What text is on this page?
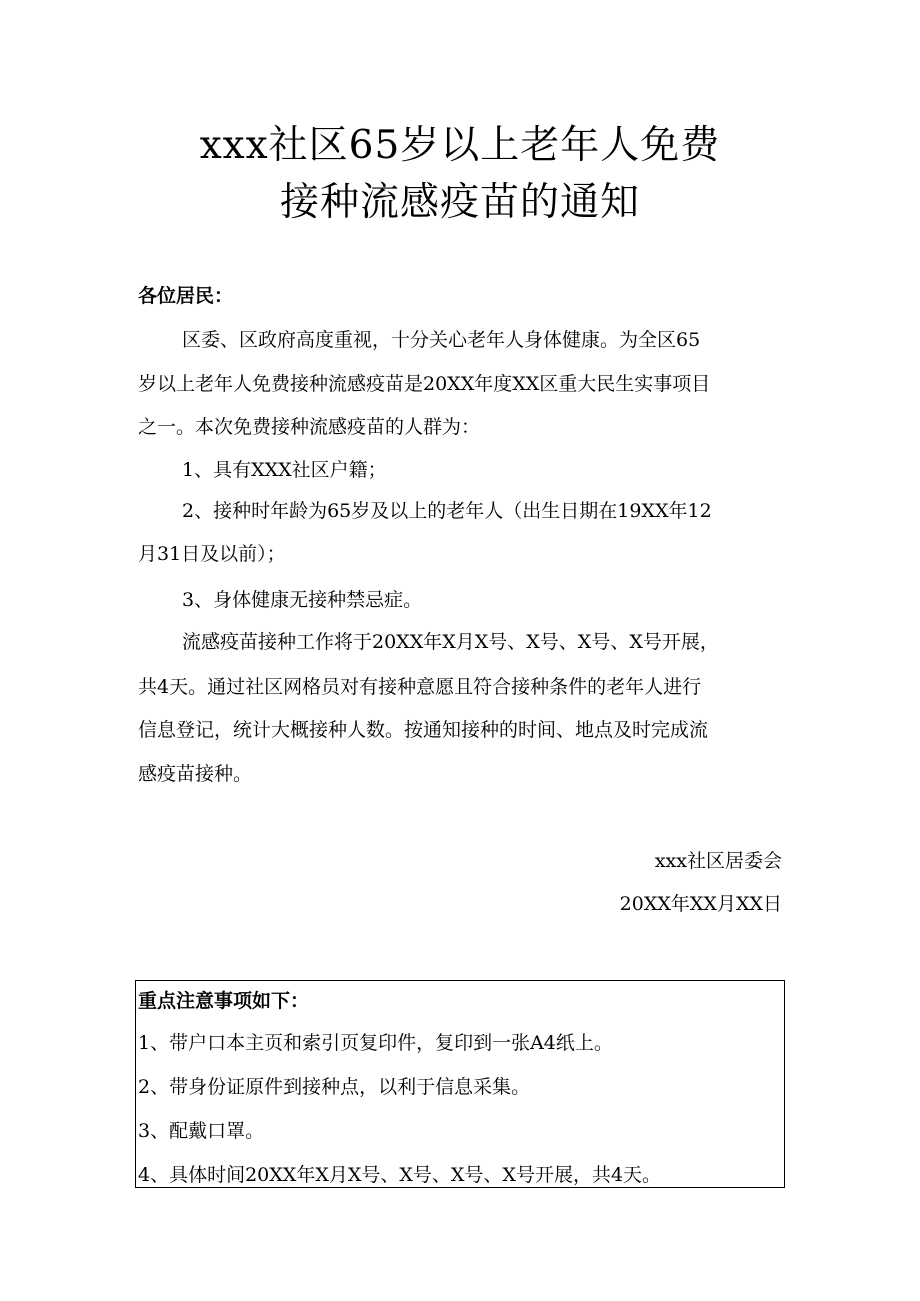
xxx社区65岁以上老年人免费
接种流感疫苗的通知
各位居民：
区委、区政府高度重视，十分关心老年人身体健康。为全区65
岁以上老年人免费接种流感疫苗是20XX年度XX区重大民生实事项目
之一。本次免费接种流感疫苗的人群为：
1、具有XXX社区户籍；
2、接种时年龄为65岁及以上的老年人（出生日期在19XX年12
月31日及以前）；
3、身体健康无接种禁忌症。
流感疫苗接种工作将于20XX年X月X号、X号、X号、X号开展，
共4天。通过社区网格员对有接种意愿且符合接种条件的老年人进行
信息登记，统计大概接种人数。按通知接种的时间、地点及时完成流
感疫苗接种。
xxx社区居委会
20XX年XX月XX日
重点注意事项如下：
1、带户口本主页和索引页复印件，复印到一张A4纸上。
2、带身份证原件到接种点，以利于信息采集。
3、配戴口罩。
4、具体时间20XX年X月X号、X号、X号、X号开展，共4天。
